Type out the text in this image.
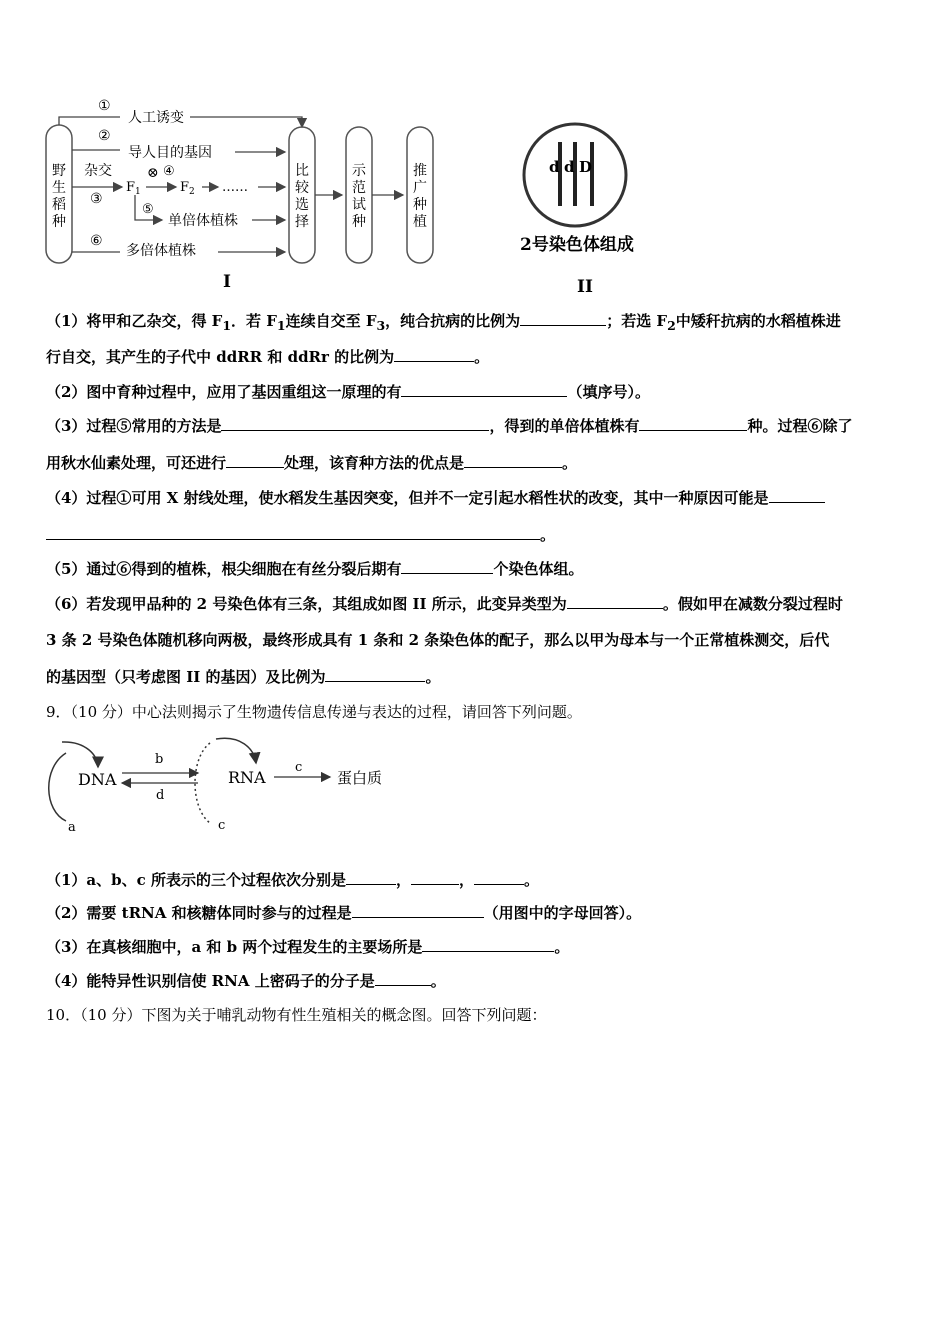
野
生
稻
种
①
人工诱变
②
导人目的基因
杂交
③
$F_1$
⊗ ④
$F_2$ ……
⑤
单倍体植株
⑥
多倍体植株
比
较
选
择
示
范
试
种
推
广
种
植
I
d d D
2号染色体组成
II
（1）将甲和乙杂交，得 $F_1$．若 $F_1$连续自交至 $F_3$，纯合抗病的比例为	；若选 $F_2$中矮秆抗病的水稻植株进
行自交，其产生的子代中 ddRR 和 ddRr 的比例为	。
（2）图中育种过程中，应用了基因重组这一原理的有	（填序号）。
（3）过程⑤常用的方法是	，得到的单倍体植株有	种。过程⑥除了
用秋水仙素处理，可还进行	处理，该育种方法的优点是	。
（4）过程①可用 X 射线处理，使水稻发生基因突变，但并不一定引起水稻性状的改变，其中一种原因可能是
。
（5）通过⑥得到的植株，根尖细胞在有丝分裂后期有	个染色体组。
（6）若发现甲品种的 2 号染色体有三条，其组成如图 II 所示，此变异类型为	。假如甲在减数分裂过程时
3 条 2 号染色体随机移向两极，最终形成具有 1 条和 2 条染色体的配子，那么以甲为母本与一个正常植株测交，后代
的基因型（只考虑图 II 的基因）及比例为	。
9．（10 分）中心法则揭示了生物遗传信息传递与表达的过程，请回答下列问题。
DNA
a
b
d
RNA
c
c
蛋白质
（1）a、b、c 所表示的三个过程依次分别是	，	，	。
（2）需要 tRNA 和核糖体同时参与的过程是	（用图中的字母回答）。
（3）在真核细胞中，a 和 b 两个过程发生的主要场所是	。
（4）能特异性识别信使 RNA 上密码子的分子是	。
10．（10 分）下图为关于哺乳动物有性生殖相关的概念图。回答下列问题：
